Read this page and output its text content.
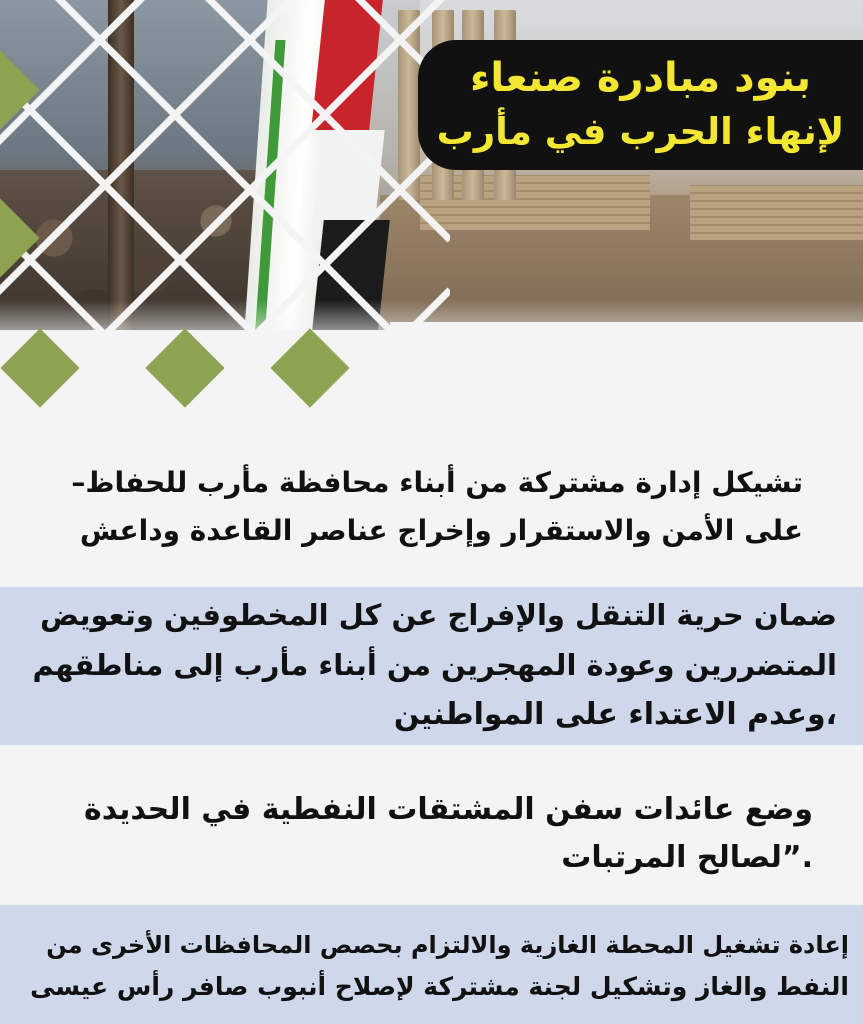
بنود مبادرة صنعاء
لإنهاء الحرب في مأرب
تشيكل إدارة مشتركة من أبناء محافظة مأرب للحفاظ–
على الأمن والاستقرار وإخراج عناصر القاعدة وداعش
ضمان حرية التنقل والإفراج عن كل المخطوفين وتعويض
المتضررين وعودة المهجرين من أبناء مأرب إلى مناطقهم
،وعدم الاعتداء على المواطنين
وضع عائدات سفن المشتقات النفطية في الحديدة
.”لصالح المرتبات
إعادة تشغيل المحطة الغازية والالتزام بحصص المحافظات الأخرى من
النفط والغاز وتشكيل لجنة مشتركة لإصلاح أنبوب صافر رأس عيسى
